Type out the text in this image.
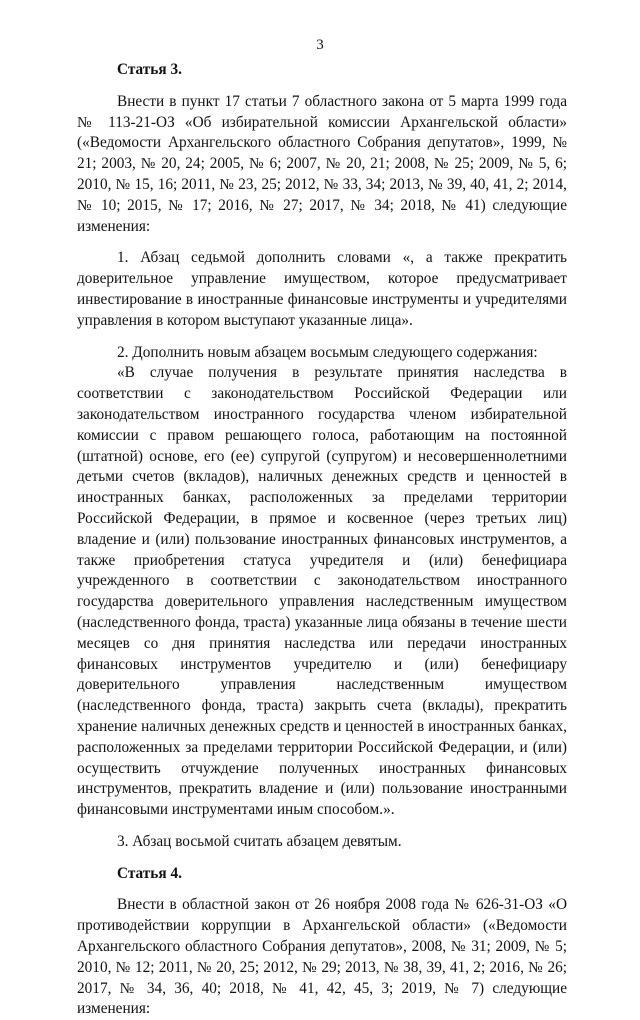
3

Статья 3.

Внести в пункт 17 статьи 7 областного закона от 5 марта 1999 года № 113-21-ОЗ «Об избирательной комиссии Архангельской области» («Ведомости Архангельского областного Собрания депутатов», 1999, № 21; 2003, № 20, 24; 2005, № 6; 2007, № 20, 21; 2008, № 25; 2009, № 5, 6; 2010, № 15, 16; 2011, № 23, 25; 2012, № 33, 34; 2013, № 39, 40, 41, 2; 2014, № 10; 2015, № 17; 2016, № 27; 2017, № 34; 2018, № 41) следующие изменения:

1. Абзац седьмой дополнить словами «, а также прекратить доверительное управление имуществом, которое предусматривает инвестирование в иностранные финансовые инструменты и учредителями управления в котором выступают указанные лица».

2. Дополнить новым абзацем восьмым следующего содержания:

«В случае получения в результате принятия наследства в соответствии с законодательством Российской Федерации или законодательством иностранного государства членом избирательной комиссии с правом решающего голоса, работающим на постоянной (штатной) основе, его (ее) супругой (супругом) и несовершеннолетними детьми счетов (вкладов), наличных денежных средств и ценностей в иностранных банках, расположенных за пределами территории Российской Федерации, в прямое и косвенное (через третьих лиц) владение и (или) пользование иностранных финансовых инструментов, а также приобретения статуса учредителя и (или) бенефициара учрежденного в соответствии с законодательством иностранного государства доверительного управления наследственным имуществом (наследственного фонда, траста) указанные лица обязаны в течение шести месяцев со дня принятия наследства или передачи иностранных финансовых инструментов учредителю и (или) бенефициару доверительного управления наследственным имуществом (наследственного фонда, траста) закрыть счета (вклады), прекратить хранение наличных денежных средств и ценностей в иностранных банках, расположенных за пределами территории Российской Федерации, и (или) осуществить отчуждение полученных иностранных финансовых инструментов, прекратить владение и (или) пользование иностранными финансовыми инструментами иным способом.».

3. Абзац восьмой считать абзацем девятым.

Статья 4.

Внести в областной закон от 26 ноября 2008 года № 626-31-ОЗ «О противодействии коррупции в Архангельской области» («Ведомости Архангельского областного Собрания депутатов», 2008, № 31; 2009, № 5; 2010, № 12; 2011, № 20, 25; 2012, № 29; 2013, № 38, 39, 41, 2; 2016, № 26; 2017, № 34, 36, 40; 2018, № 41, 42, 45, 3; 2019, № 7) следующие изменения:
